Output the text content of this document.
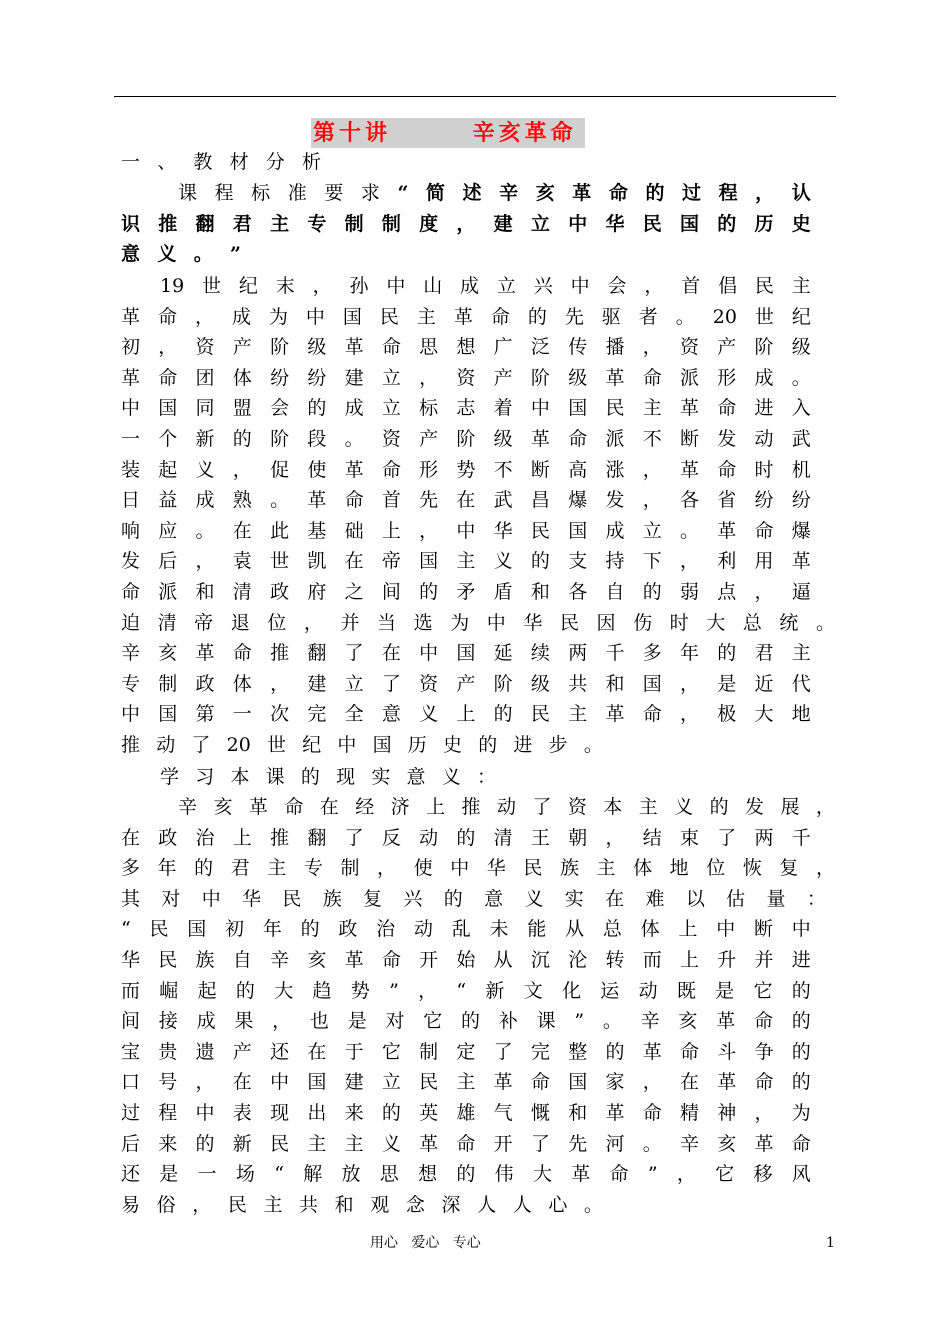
第十讲       辛亥革命
一 、 教 材 分 析
课 程 标 准 要 求 “ 简 述 辛 亥 革 命 的 过 程 ， 认
识 推 翻 君 主 专 制 制 度 ， 建 立 中 华 民 国 的 历 史
意 义 。 ”
19 世 纪 末 ， 孙 中 山 成 立 兴 中 会 ， 首 倡 民 主
革 命 ， 成 为 中 国 民 主 革 命 的 先 驱 者 。 20 世 纪
初 ， 资 产 阶 级 革 命 思 想 广 泛 传 播 ， 资 产 阶 级
革 命 团 体 纷 纷 建 立 ， 资 产 阶 级 革 命 派 形 成 。
中 国 同 盟 会 的 成 立 标 志 着 中 国 民 主 革 命 进 入
一 个 新 的 阶 段 。 资 产 阶 级 革 命 派 不 断 发 动 武
装 起 义 ， 促 使 革 命 形 势 不 断 高 涨 ， 革 命 时 机
日 益 成 熟 。 革 命 首 先 在 武 昌 爆 发 ， 各 省 纷 纷
响 应 。 在 此 基 础 上 ， 中 华 民 国 成 立 。 革 命 爆
发 后 ， 袁 世 凯 在 帝 国 主 义 的 支 持 下 ， 利 用 革
命 派 和 清 政 府 之 间 的 矛 盾 和 各 自 的 弱 点 ， 逼
迫 清 帝 退 位 ， 并 当 选 为 中 华 民 因 伤 时 大 总 统 。
辛 亥 革 命 推 翻 了 在 中 国 延 续 两 千 多 年 的 君 主
专 制 政 体 ， 建 立 了 资 产 阶 级 共 和 国 ， 是 近 代
中 国 第 一 次 完 全 意 义 上 的 民 主 革 命 ， 极 大 地
推 动 了 20 世 纪 中 国 历 史 的 进 步 。
学 习 本 课 的 现 实 意 义 ：
辛 亥 革 命 在 经 济 上 推 动 了 资 本 主 义 的 发 展 ，
在 政 治 上 推 翻 了 反 动 的 清 王 朝 ， 结 束 了 两 千
多 年 的 君 主 专 制 ， 使 中 华 民 族 主 体 地 位 恢 复 ，
其 对 中 华 民 族 复 兴 的 意 义 实 在 难 以 估 量 ：
“ 民 国 初 年 的 政 治 动 乱 未 能 从 总 体 上 中 断 中
华 民 族 自 辛 亥 革 命 开 始 从 沉 沦 转 而 上 升 并 进
而 崛 起 的 大 趋 势 ” ， “ 新 文 化 运 动 既 是 它 的
间 接 成 果 ， 也 是 对 它 的 补 课 ” 。 辛 亥 革 命 的
宝 贵 遗 产 还 在 于 它 制 定 了 完 整 的 革 命 斗 争 的
口 号 ， 在 中 国 建 立 民 主 革 命 国 家 ， 在 革 命 的
过 程 中 表 现 出 来 的 英 雄 气 慨 和 革 命 精 神 ， 为
后 来 的 新 民 主 主 义 革 命 开 了 先 河 。 辛 亥 革 命
还 是 一 场 “ 解 放 思 想 的 伟 大 革 命 ” ， 它 移 风
易 俗 ， 民 主 共 和 观 念 深 人 人 心 。
用心   爱心   专心	1
